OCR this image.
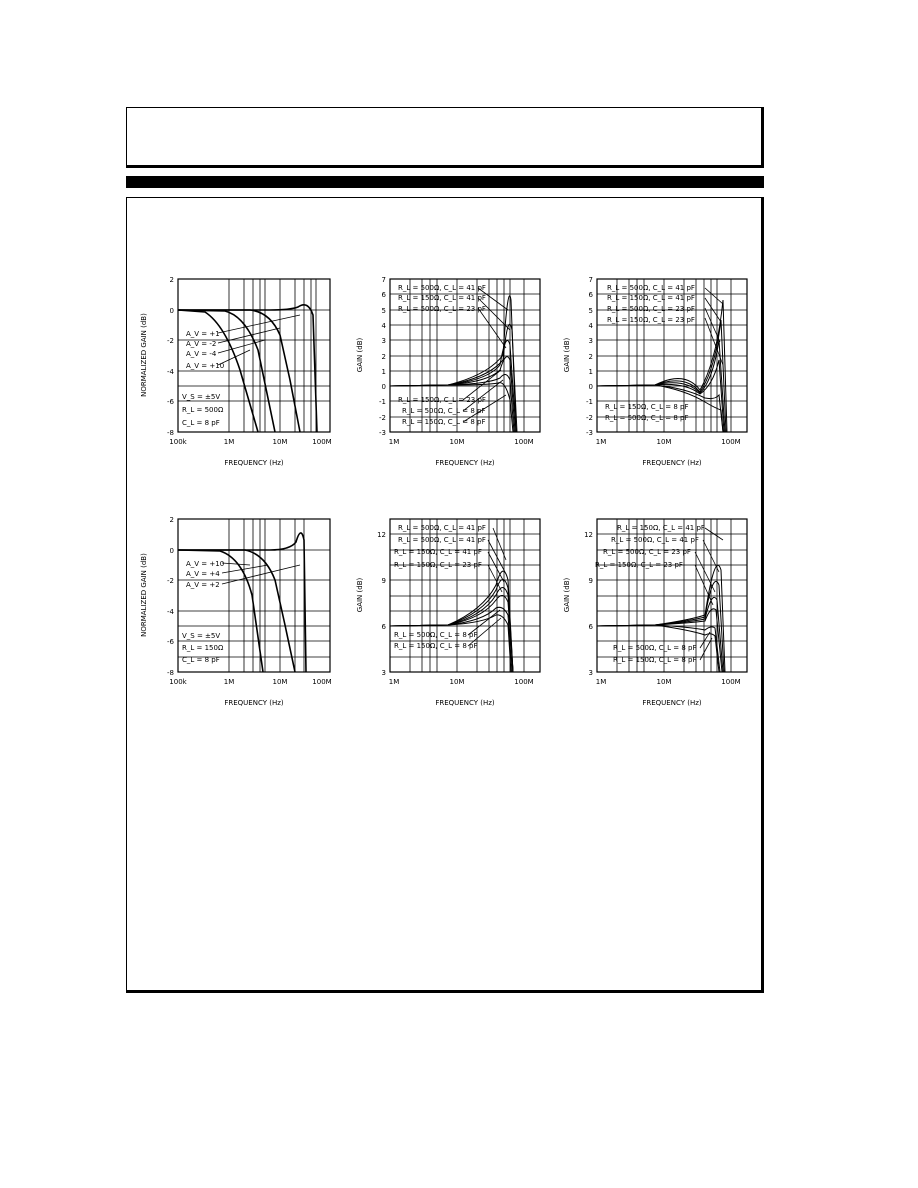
2
0
-2
-4
-6
-8
100k	1M	10M	100M
FREQUENCY (Hz)
NORMALIZED GAIN (dB)	A_V = +1
A_V = -2
A_V = -4
A_V = +10
V_S = ±5V
R_L = 500Ω
C_L = 8 pF
7
6
5
4
3
2
1
0
-1
-2
-3
1M	10M	100M
FREQUENCY (Hz)
GAIN (dB)
R_L = 500Ω, C_L = 41 pF
R_L = 150Ω, C_L = 41 pF
R_L = 500Ω, C_L = 23 pF
R_L = 150Ω, C_L = 23 pF
R_L = 500Ω, C_L = 8 pF
R_L = 150Ω, C_L = 8 pF
7
6
5
4
3
2
1
0
-1
-2
-3
1M	10M	100M
FREQUENCY (Hz)
GAIN (dB)
R_L = 500Ω, C_L = 41 pF
R_L = 150Ω, C_L = 41 pF
R_L = 500Ω, C_L = 23 pF
R_L = 150Ω, C_L = 23 pF
R_L = 150Ω, C_L = 8 pF
R_L = 500Ω, C_L = 8 pF
2
0
-2
-4
-6
-8
100k	1M	10M	100M
FREQUENCY (Hz)
NORMALIZED GAIN (dB)	A_V = +10
A_V = +4
A_V = +2
V_S = ±5V
R_L = 150Ω
C_L = 8 pF
12
9
6
3
1M	10M	100M
FREQUENCY (Hz)
GAIN (dB)
R_L = 500Ω, C_L = 41 pF
R_L = 500Ω, C_L = 41 pF
R_L = 150Ω, C_L = 41 pF
R_L = 150Ω, C_L = 23 pF
R_L = 500Ω, C_L = 8 pF
R_L = 150Ω, C_L = 8 pF
12
9
6
3
1M	10M	100M
FREQUENCY (Hz)
GAIN (dB)
R_L = 150Ω, C_L = 41 pF
R_L = 500Ω, C_L = 41 pF
R_L = 500Ω, C_L = 23 pF
R_L = 150Ω, C_L = 23 pF
R_L = 500Ω, C_L = 8 pF
R_L = 150Ω, C_L = 8 pF
